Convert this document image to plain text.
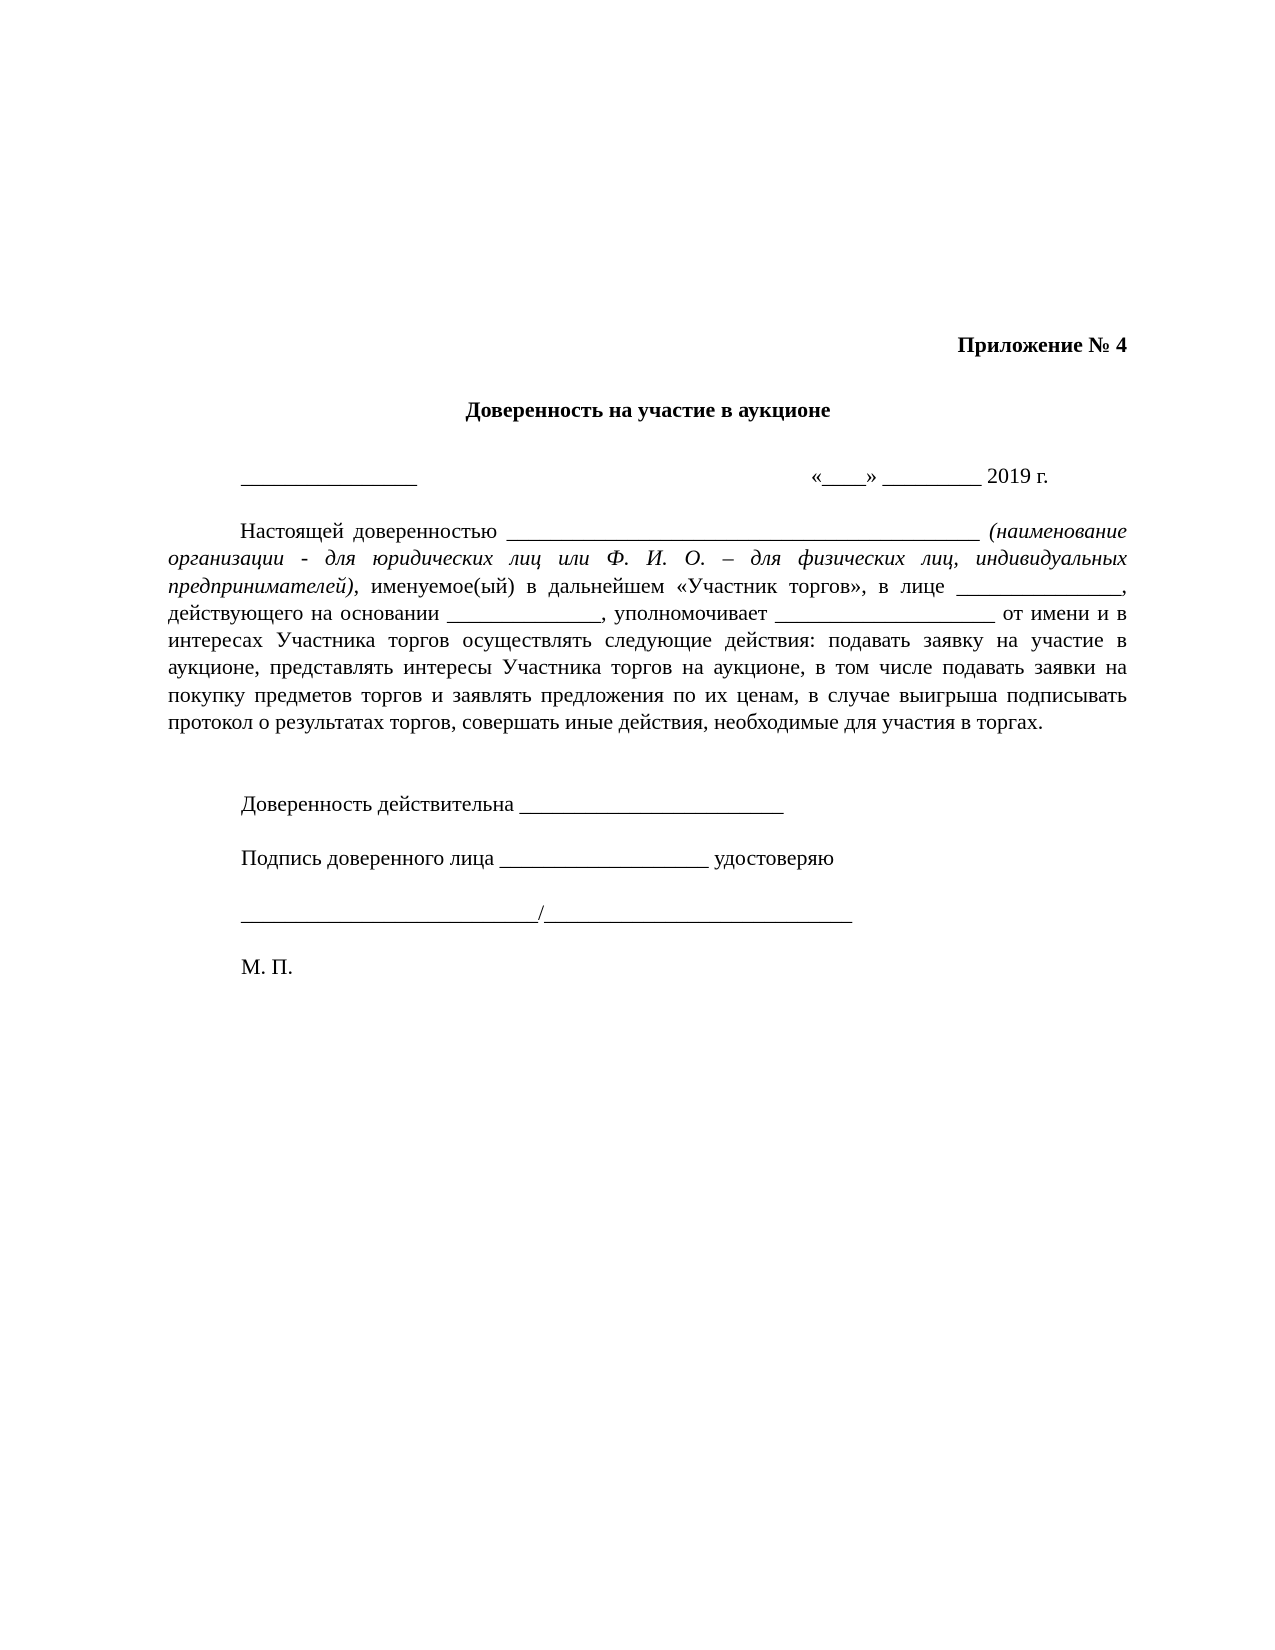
Приложение № 4
Доверенность на участие в аукционе
________________	«____» _________ 2019 г.
Настоящей доверенностью ___________________________________________ (наименование организации - для юридических лиц или Ф. И. О. – для физических лиц, индивидуальных предпринимателей), именуемое(ый) в дальнейшем «Участник торгов», в лице _______________, действующего на основании ______________, уполномочивает ____________________ от имени и в интересах Участника торгов осуществлять следующие действия: подавать заявку на участие в аукционе, представлять интересы Участника торгов на аукционе, в том числе подавать заявки на покупку предметов торгов и заявлять предложения по их ценам, в случае выигрыша подписывать протокол о результатах торгов, совершать иные действия, необходимые для участия в торгах.
Доверенность действительна ________________________
Подпись доверенного лица ___________________ удостоверяю
___________________________/____________________________
М. П.
